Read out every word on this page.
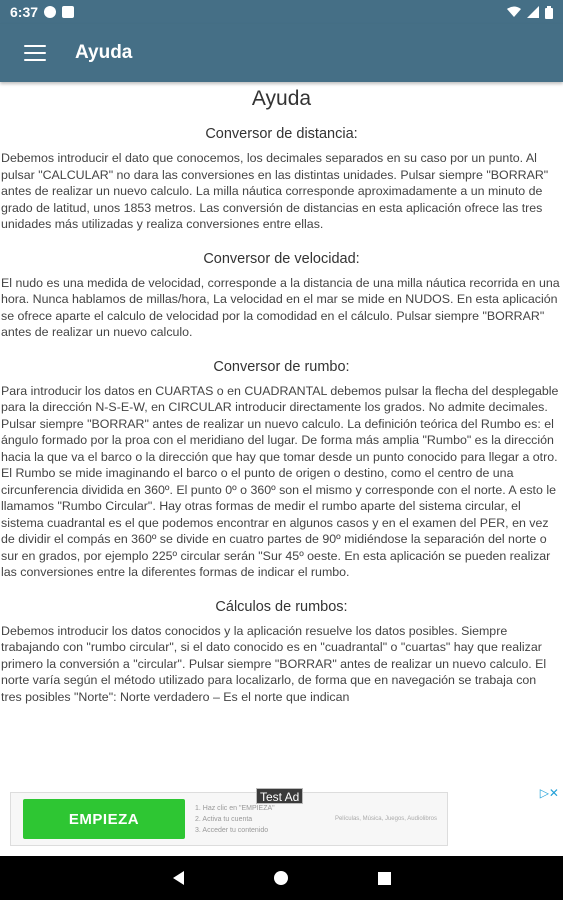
6:37
Ayuda
Ayuda
Conversor de distancia:
Debemos introducir el dato que conocemos, los decimales separados en su caso por un punto. Al pulsar "CALCULAR" no dara las conversiones en las distintas unidades. Pulsar siempre "BORRAR" antes de realizar un nuevo calculo. La milla náutica corresponde aproximadamente a un minuto de grado de latitud, unos 1853 metros. Las conversión de distancias en esta aplicación ofrece las tres unidades más utilizadas y realiza conversiones entre ellas.
Conversor de velocidad:
El nudo es una medida de velocidad, corresponde a la distancia de una milla náutica recorrida en una hora. Nunca hablamos de millas/hora, La velocidad en el mar se mide en NUDOS. En esta aplicación se ofrece aparte el calculo de velocidad por la comodidad en el cálculo. Pulsar siempre "BORRAR" antes de realizar un nuevo calculo.
Conversor de rumbo:
Para introducir los datos en CUARTAS o en CUADRANTAL debemos pulsar la flecha del desplegable para la dirección N-S-E-W, en CIRCULAR introducir directamente los grados. No admite decimales. Pulsar siempre "BORRAR" antes de realizar un nuevo calculo. La definición teórica del Rumbo es: el ángulo formado por la proa con el meridiano del lugar. De forma más amplia "Rumbo" es la dirección hacia la que va el barco o la dirección que hay que tomar desde un punto conocido para llegar a otro. El Rumbo se mide imaginando el barco o el punto de origen o destino, como el centro de una circunferencia dividida en 360º. El punto 0º o 360º son el mismo y corresponde con el norte. A esto le llamamos "Rumbo Circular". Hay otras formas de medir el rumbo aparte del sistema circular, el sistema cuadrantal es el que podemos encontrar en algunos casos y en el examen del PER, en vez de dividir el compás en 360º se divide en cuatro partes de 90º midiéndose la separación del norte o sur en grados, por ejemplo 225º circular serán "Sur 45º oeste. En esta aplicación se pueden realizar las conversiones entre la diferentes formas de indicar el rumbo.
Cálculos de rumbos:
Debemos introducir los datos conocidos y la aplicación resuelve los datos posibles. Siempre trabajando con "rumbo circular", si el dato conocido es en "cuadrantal" o "cuartas" hay que realizar primero la conversión a "circular". Pulsar siempre "BORRAR" antes de realizar un nuevo calculo. El norte varía según el método utilizado para localizarlo, de forma que en navegación se trabaja con tres posibles "Norte": Norte verdadero – Es el norte que indican
EMPIEZA
1. Haz clic en "EMPIEZA"
2. Activa tu cuenta
3. Acceder tu contenido
Películas, Música, Juegos, Audiolibros
Test Ad	▷✕
